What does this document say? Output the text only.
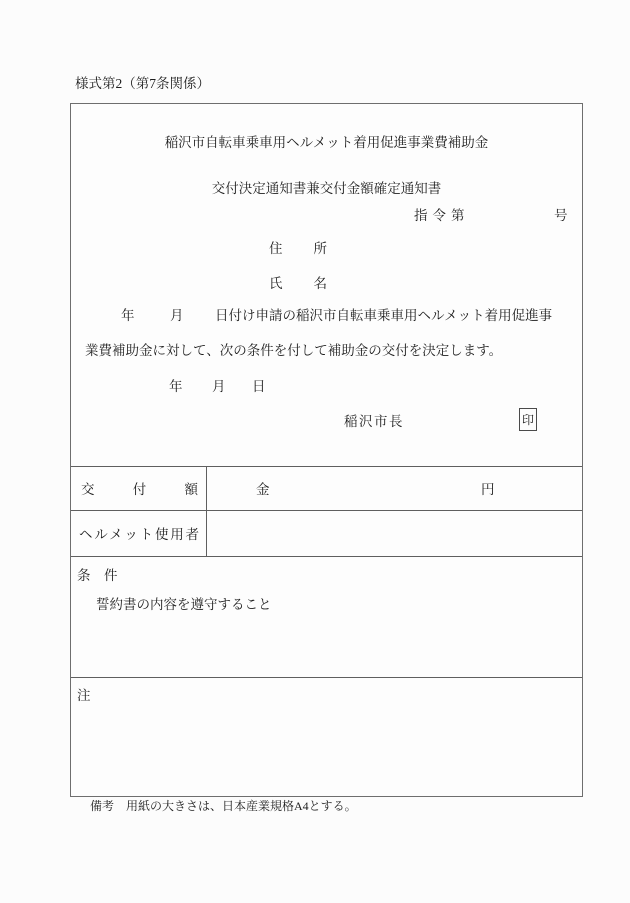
様式第2（第7条関係）
稲沢市自転車乗車用ヘルメット着用促進事業費補助金
交付決定通知書兼交付金額確定通知書
指令第	号
住所
氏名
年	月 日付け申請の稲沢市自転車乗車用ヘルメット着用促進事
業費補助金に対して、次の条件を付して補助金の交付を決定します。
年 月 日
稲沢市長	印
交付額	金	円
ヘルメット使用者
条　件
誓約書の内容を遵守すること
注
備考　用紙の大きさは、日本産業規格A4とする。
